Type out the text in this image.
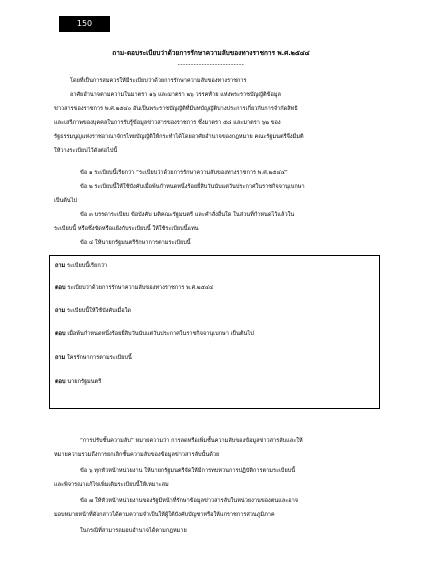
150
ถาม-ตอบระเบียบว่าด้วยการรักษาความลับของทางราชการ พ.ศ.๒๕๔๔
-------------------------
โดยที่เป็นการสมควรให้มีระเบียบว่าด้วยการรักษาความลับของทางราชการ
อาศัยอำนาจตามความในมาตรา ๑๖ และมาตรา ๒๖ วรรคท้าย แห่งพระราชบัญญัติข้อมูล
ข่าวสารของราชการ พ.ศ.๒๕๔๐ อันเป็นพระราชบัญญัติที่มีบทบัญญัติบางประการเกี่ยวกับการจำกัดสิทธิ
และเสรีภาพของบุคคลในการรับรู้ข้อมูลข่าวสารของราชการ ซึ่งมาตรา ๕๘ และมาตรา ๖๒ ของ
รัฐธรรมนูญแห่งราชอาณาจักรไทยบัญญัติให้กระทำได้โดยอาศัยอำนาจของกฎหมาย คณะรัฐมนตรีจึงมีมติ
ให้วางระเบียบไว้ดังต่อไปนี้
ข้อ ๑ ระเบียบนี้เรียกว่า “ระเบียบว่าด้วยการรักษาความลับของทางราชการ พ.ศ.๒๕๔๔”
ข้อ ๒ ระเบียบนี้ให้ใช้บังคับเมื่อพ้นกำหนดหนึ่งร้อยยี่สิบวันนับแต่วันประกาศในราชกิจจานุเบกษา
เป็นต้นไป
ข้อ ๓ บรรดาระเบียบ ข้อบังคับ มติคณะรัฐมนตรี และคำสั่งอื่นใด ในส่วนที่กำหนดไว้แล้วใน
ระเบียบนี้ หรือซึ่งขัดหรือแย้งกับระเบียบนี้ ให้ใช้ระเบียบนี้แทน
ข้อ ๔ ให้นายกรัฐมนตรีรักษาการตามระเบียบนี้
ถาม ระเบียบนี้เรียกว่า
ตอบ ระเบียบว่าด้วยการรักษาความลับของทางราชการ พ.ศ.๒๕๔๔
ถาม ระเบียบนี้ให้ใช้บังคับเมื่อใด
ตอบ เมื่อพ้นกำหนดหนึ่งร้อยยี่สิบวันนับแต่วันประกาศในราชกิจจานุเบกษา เป็นต้นไป
ถาม ใครรักษาการตามระเบียบนี้
ตอบ นายกรัฐมนตรี
“การปรับชั้นความลับ” หมายความว่า การลดหรือเพิ่มชั้นความลับของข้อมูลข่าวสารลับและให้
หมายความรวมถึงการยกเลิกชั้นความลับของข้อมูลข่าวสารลับนั้นด้วย
ข้อ ๖ ทุกหัวหน้าหน่วยงาน ให้นายกรัฐมนตรีจัดให้มีการทบทวนการปฏิบัติการตามระเบียบนี้
และพิจารณาแก้ไขเพิ่มเติมระเบียบนี้ให้เหมาะสม
ข้อ ๗ ให้หัวหน้าหน่วยงานของรัฐมีหน้าที่รักษาข้อมูลข่าวสารลับในหน่วยงานของตนและอาจ
มอบหมายหน้าที่ดังกล่าวได้ตามความจำเป็นให้ผู้ใต้บังคับบัญชาหรือให้แก่ราชการส่วนภูมิภาค
ในกรณีที่สามารถมอบอำนาจได้ตามกฎหมาย
